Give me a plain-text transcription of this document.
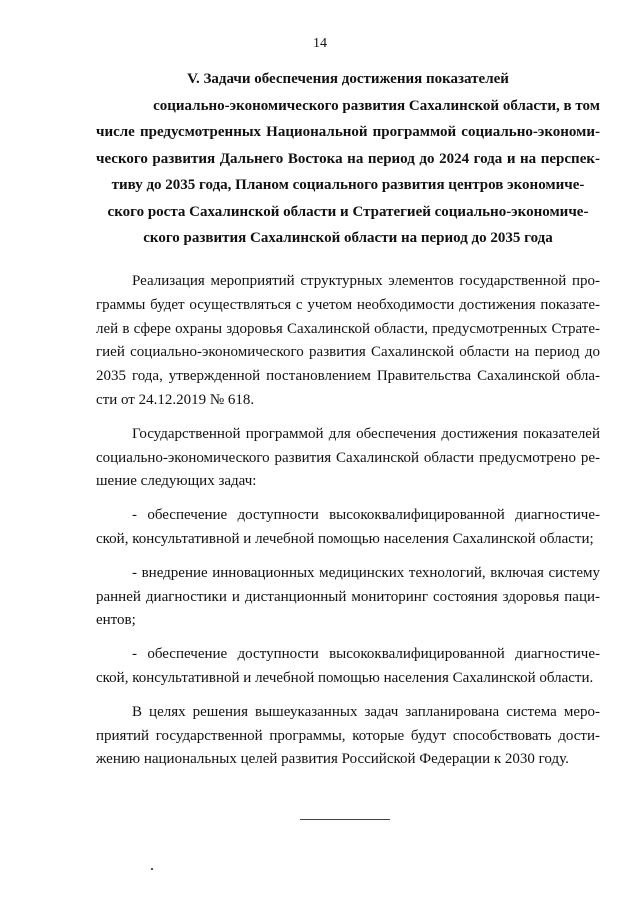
14
V. Задачи обеспечения достижения показателей
социально-экономического развития Сахалинской области, в том
числе предусмотренных Национальной программой социально-экономи-
ческого развития Дальнего Востока на период до 2024 года и на перспек-
тиву до 2035 года, Планом социального развития центров экономиче-
ского роста Сахалинской области и Стратегией социально-экономиче-
ского развития Сахалинской области на период до 2035 года
Реализация мероприятий структурных элементов государственной про-
граммы будет осуществляться с учетом необходимости достижения показате-
лей в сфере охраны здоровья Сахалинской области, предусмотренных Страте-
гией социально-экономического развития Сахалинской области на период до
2035 года, утвержденной постановлением Правительства Сахалинской обла-
сти от 24.12.2019 № 618.
Государственной программой для обеспечения достижения показателей
социально-экономического развития Сахалинской области предусмотрено ре-
шение следующих задач:
- обеспечение доступности высококвалифицированной диагностиче-
ской, консультативной и лечебной помощью населения Сахалинской области;
- внедрение инновационных медицинских технологий, включая систему
ранней диагностики и дистанционный мониторинг состояния здоровья паци-
ентов;
- обеспечение доступности высококвалифицированной диагностиче-
ской, консультативной и лечебной помощью населения Сахалинской области.
В целях решения вышеуказанных задач запланирована система меро-
приятий государственной программы, которые будут способствовать дости-
жению национальных целей развития Российской Федерации к 2030 году.
